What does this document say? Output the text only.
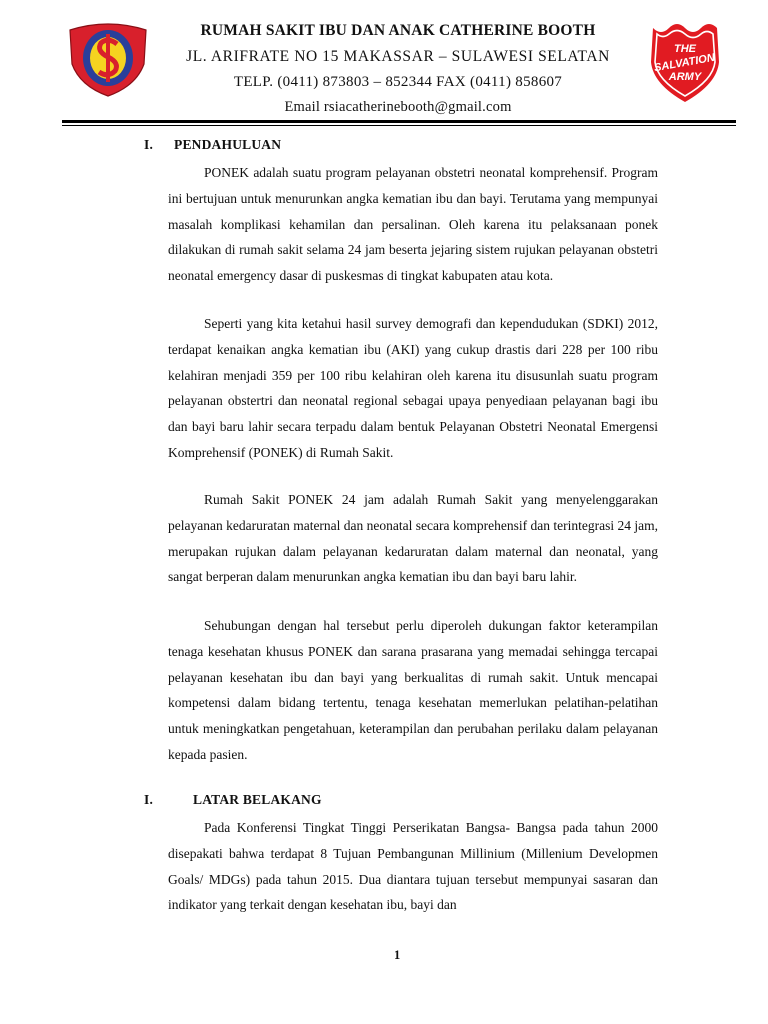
RUMAH SAKIT IBU DAN ANAK CATHERINE BOOTH
JL. ARIFRATE NO 15 MAKASSAR – SULAWESI SELATAN
TELP. (0411) 873803 – 852344 FAX (0411) 858607
Email rsiacatherinebooth@gmail.com
THE
SALVATION
ARMY
I. PENDAHULUAN

PONEK adalah suatu program pelayanan obstetri neonatal komprehensif. Program ini bertujuan untuk menurunkan angka kematian ibu dan bayi. Terutama yang mempunyai masalah komplikasi kehamilan dan persalinan. Oleh karena itu pelaksanaan ponek dilakukan di rumah sakit selama 24 jam beserta jejaring sistem rujukan pelayanan obstetri neonatal emergency dasar di puskesmas di tingkat kabupaten atau kota.

Seperti yang kita ketahui hasil survey demografi dan kependudukan (SDKI) 2012, terdapat kenaikan angka kematian ibu (AKI) yang cukup drastis dari 228 per 100 ribu kelahiran menjadi 359 per 100 ribu kelahiran oleh karena itu disusunlah suatu program pelayanan obstertri dan neonatal regional sebagai upaya penyediaan pelayanan bagi ibu dan bayi baru lahir secara terpadu dalam bentuk Pelayanan Obstetri Neonatal Emergensi Komprehensif (PONEK) di Rumah Sakit.

Rumah Sakit PONEK 24 jam adalah Rumah Sakit yang menyelenggarakan pelayanan kedaruratan maternal dan neonatal secara komprehensif dan terintegrasi 24 jam, merupakan rujukan dalam pelayanan kedaruratan dalam maternal dan neonatal, yang sangat berperan dalam menurunkan angka kematian ibu dan bayi baru lahir.

Sehubungan dengan hal tersebut perlu diperoleh dukungan faktor keterampilan tenaga kesehatan khusus PONEK dan sarana prasarana yang memadai sehingga tercapai pelayanan kesehatan ibu dan bayi yang berkualitas di rumah sakit. Untuk mencapai kompetensi dalam bidang tertentu, tenaga kesehatan memerlukan pelatihan-pelatihan untuk meningkatkan pengetahuan, keterampilan dan perubahan perilaku dalam pelayanan kepada pasien.

I.	LATAR BELAKANG

Pada Konferensi Tingkat Tinggi Perserikatan Bangsa- Bangsa pada tahun 2000 disepakati bahwa terdapat 8 Tujuan Pembangunan Millinium (Millenium Developmen Goals/ MDGs) pada tahun 2015. Dua diantara tujuan tersebut mempunyai sasaran dan indikator yang terkait dengan kesehatan ibu, bayi dan

1
